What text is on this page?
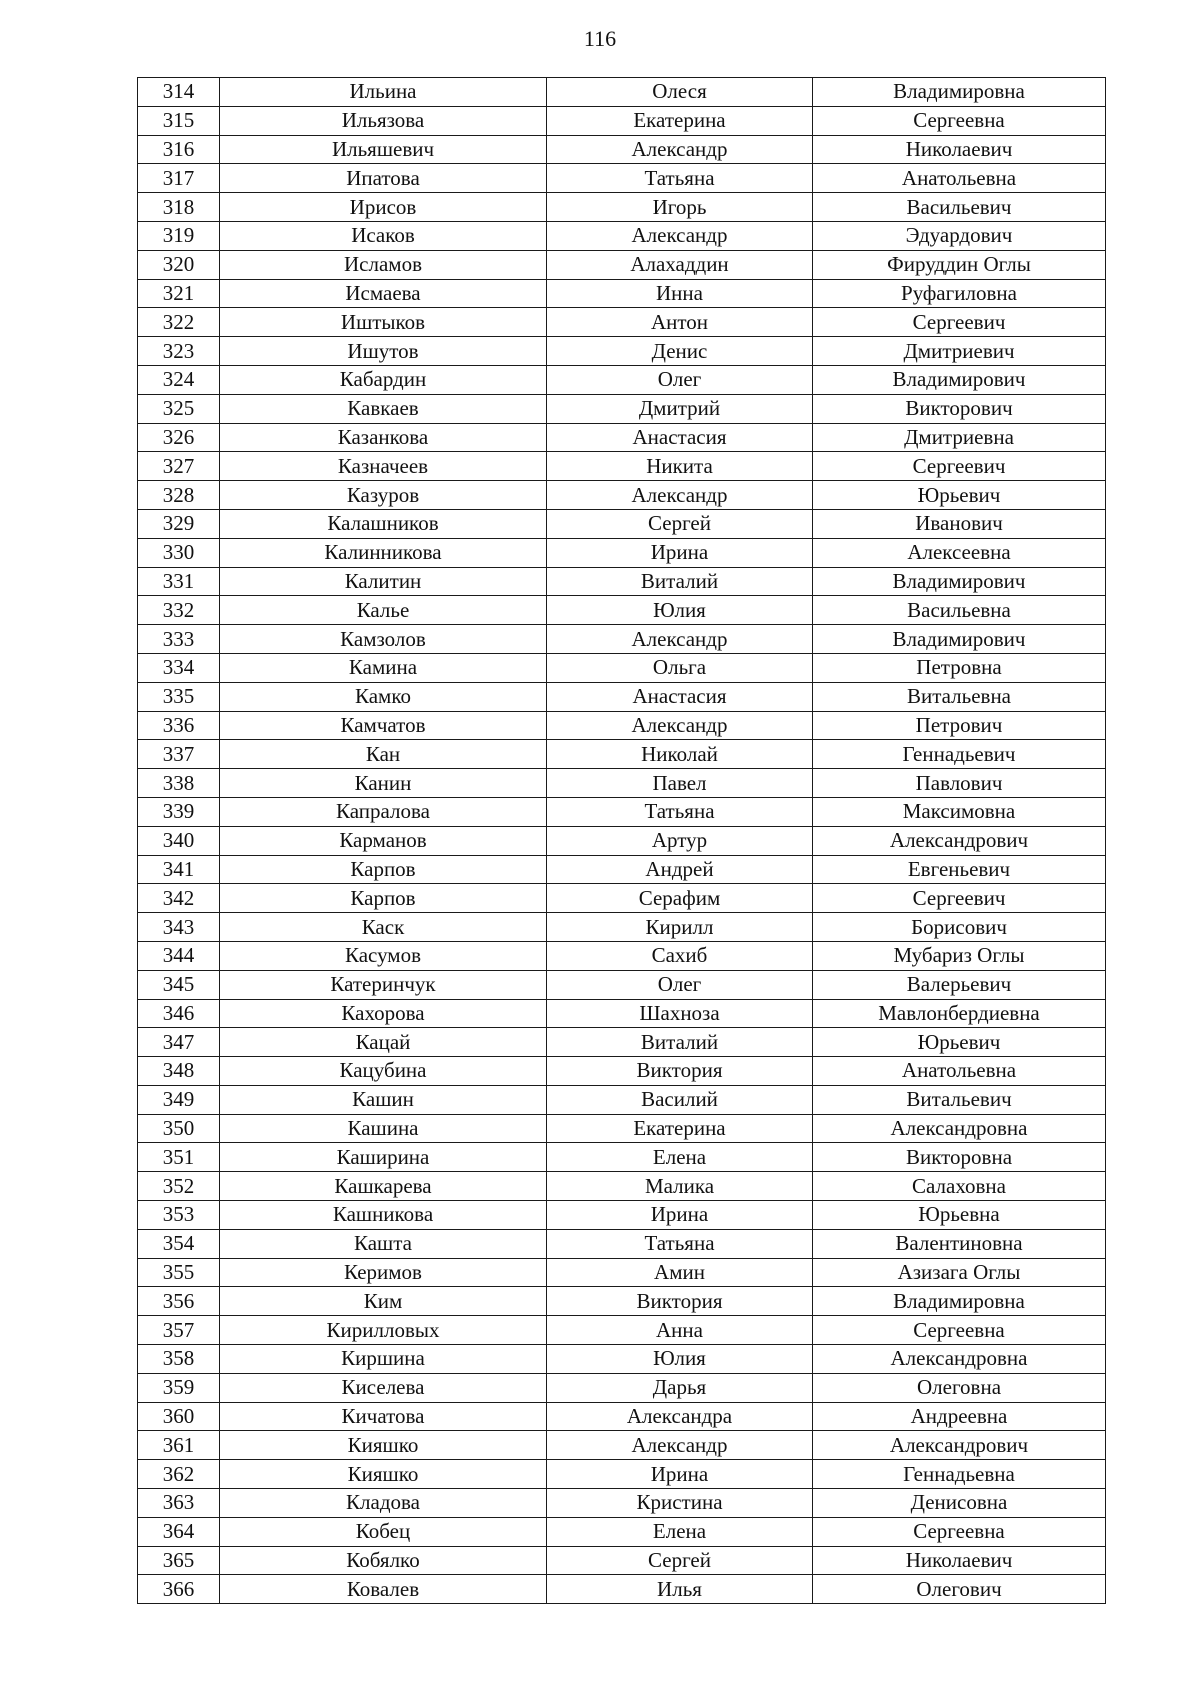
116
314	Ильина	Олеся	Владимировна
315	Ильязова	Екатерина	Сергеевна
316	Ильяшевич	Александр	Николаевич
317	Ипатова	Татьяна	Анатольевна
318	Ирисов	Игорь	Васильевич
319	Исаков	Александр	Эдуардович
320	Исламов	Алахаддин	Фируддин Оглы
321	Исмаева	Инна	Руфагиловна
322	Иштыков	Антон	Сергеевич
323	Ишутов	Денис	Дмитриевич
324	Кабардин	Олег	Владимирович
325	Кавкаев	Дмитрий	Викторович
326	Казанкова	Анастасия	Дмитриевна
327	Казначеев	Никита	Сергеевич
328	Казуров	Александр	Юрьевич
329	Калашников	Сергей	Иванович
330	Калинникова	Ирина	Алексеевна
331	Калитин	Виталий	Владимирович
332	Калье	Юлия	Васильевна
333	Камзолов	Александр	Владимирович
334	Камина	Ольга	Петровна
335	Камко	Анастасия	Витальевна
336	Камчатов	Александр	Петрович
337	Кан	Николай	Геннадьевич
338	Канин	Павел	Павлович
339	Капралова	Татьяна	Максимовна
340	Карманов	Артур	Александрович
341	Карпов	Андрей	Евгеньевич
342	Карпов	Серафим	Сергеевич
343	Каск	Кирилл	Борисович
344	Касумов	Сахиб	Мубариз Оглы
345	Катеринчук	Олег	Валерьевич
346	Кахорова	Шахноза	Мавлонбердиевна
347	Кацай	Виталий	Юрьевич
348	Кацубина	Виктория	Анатольевна
349	Кашин	Василий	Витальевич
350	Кашина	Екатерина	Александровна
351	Каширина	Елена	Викторовна
352	Кашкарева	Малика	Салаховна
353	Кашникова	Ирина	Юрьевна
354	Кашта	Татьяна	Валентиновна
355	Керимов	Амин	Азизага Оглы
356	Ким	Виктория	Владимировна
357	Кирилловых	Анна	Сергеевна
358	Киршина	Юлия	Александровна
359	Киселева	Дарья	Олеговна
360	Кичатова	Александра	Андреевна
361	Кияшко	Александр	Александрович
362	Кияшко	Ирина	Геннадьевна
363	Кладова	Кристина	Денисовна
364	Кобец	Елена	Сергеевна
365	Кобялко	Сергей	Николаевич
366	Ковалев	Илья	Олегович
